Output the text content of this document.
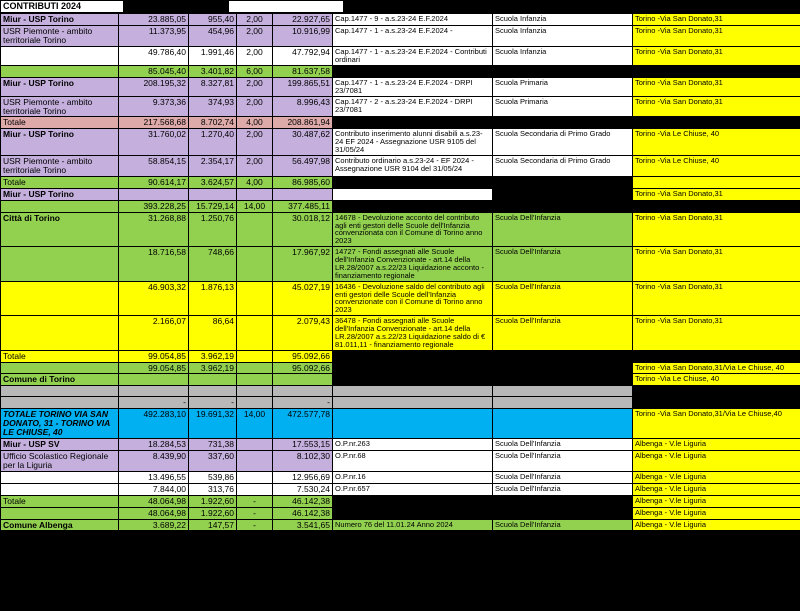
CONTRIBUTI 2024			
Miur - USP Torino	23.885,05	955,40	2,00	22.927,65	Cap.1477 - 9 - a.s.23-24 E.F.2024	Scuola Infanzia	Torino -Via San Donato,31
USR Piemonte - ambito territoriale Torino	11.373,95	454,96	2,00	10.916,99	Cap.1477 - 1 - a.s.23-24 E.F.2024 -	Scuola Infanzia	Torino -Via San Donato,31
	49.786,40	1.991,46	2,00	47.792,94	Cap.1477 - 1 - a.s.23-24 E.F.2024 - Contributi ordinari	Scuola Infanzia	Torino -Via San Donato,31
	85.045,40	3.401,82	6,00	81.637,58			
Miur - USP Torino	208.195,32	8.327,81	2,00	199.865,51	Cap.1477 - 1 - a.s.23-24 E.F.2024 - DRPI 23/7081	Scuola Primaria	Torino -Via San Donato,31
USR Piemonte - ambito territoriale Torino	9.373,36	374,93	2,00	8.996,43	Cap.1477 - 2 - a.s.23-24 E.F.2024 - DRPI 23/7081	Scuola Primaria	Torino -Via San Donato,31
Totale	217.568,68	8.702,74	4,00	208.861,94			
Miur - USP Torino	31.760,02	1.270,40	2,00	30.487,62	Contributo inserimento alunni disabili a.s.23-24 EF 2024 - Assegnazione USR 9105 del 31/05/24	Scuola Secondaria di Primo Grado	Torino -Via Le Chiuse, 40
USR Piemonte - ambito territoriale Torino	58.854,15	2.354,17	2,00	56.497,98	Contributo ordinario a.s.23-24 - EF 2024 - Assegnazione USR 9104 del 31/05/24	Scuola Secondaria di Primo Grado	Torino -Via Le Chiuse, 40
Totale	90.614,17	3.624,57	4,00	86.985,60			
Miur - USP Torino							Torino -Via San Donato,31
	393.228,25	15.729,14	14,00	377.485,11			
Città di Torino	31.268,88	1.250,76		30.018,12	14678 - Devoluzione acconto del contributo agli enti gestori delle Scuole dell'Infanzia convenzionata con il Comune di Torino anno 2023	Scuola Dell'Infanzia	Torino -Via San Donato,31
	18.716,58	748,66		17.967,92	14727 - Fondi assegnati alle Scuole dell'Infanzia Convenzionate - art.14 della LR.28/2007 a.s.22/23 Liquidazione acconto - finanziamento regionale	Scuola Dell'Infanzia	Torino -Via San Donato,31
	46.903,32	1.876,13		45.027,19	16436 - Devoluzione saldo del contributo agli enti gestori delle Scuole dell'Infanzia convenzionate con il Comune di Torino anno 2023	Scuola Dell'Infanzia	Torino -Via San Donato,31
	2.166,07	86,64		2.079,43	36478 - Fondi assegnati alle Scuole dell'Infanzia Convenzionate - art.14 della LR.28/2007 a.s.22/23 Liquidazione saldo di € 81.011,11 - finanziamento regionale	Scuola Dell'Infanzia	Torino -Via San Donato,31
Totale	99.054,85	3.962,19		95.092,66			
	99.054,85	3.962,19		95.092,66			Torino -Via San Donato,31/Via Le Chiuse, 40
Comune di Torino							Torino -Via Le Chiuse, 40

	-	-		-			
TOTALE TORINO VIA SAN DONATO, 31 - TORINO VIA LE CHIUSE, 40	492.283,10	19.691,32	14,00	472.577,78			Torino -Via San Donato,31/Via Le Chiuse,40
Miur - USP SV	18.284,53	731,38		17.553,15	O.P.nr.263	Scuola Dell'Infanzia	Albenga - V.le Liguria
Ufficio Scolastico Regionale per la Liguria	8.439,90	337,60		8.102,30	O.P.nr.68	Scuola Dell'Infanzia	Albenga - V.le Liguria
	13.496,55	539,86		12.956,69	O.P.nr.16	Scuola Dell'Infanzia	Albenga - V.le Liguria
	7.844,00	313,76		7.530,24	O.P.nr.657	Scuola Dell'Infanzia	Albenga - V.le Liguria
Totale	48.064,98	1.922,60	-	46.142,38			Albenga - V.le Liguria
	48.064,98	1.922,60	-	46.142,38			Albenga - V.le Liguria
Comune Albenga	3.689,22	147,57	-	3.541,65	Numero 76 del 11.01.24 Anno 2024	Scuola Dell'Infanzia	Albenga - V.le Liguria
